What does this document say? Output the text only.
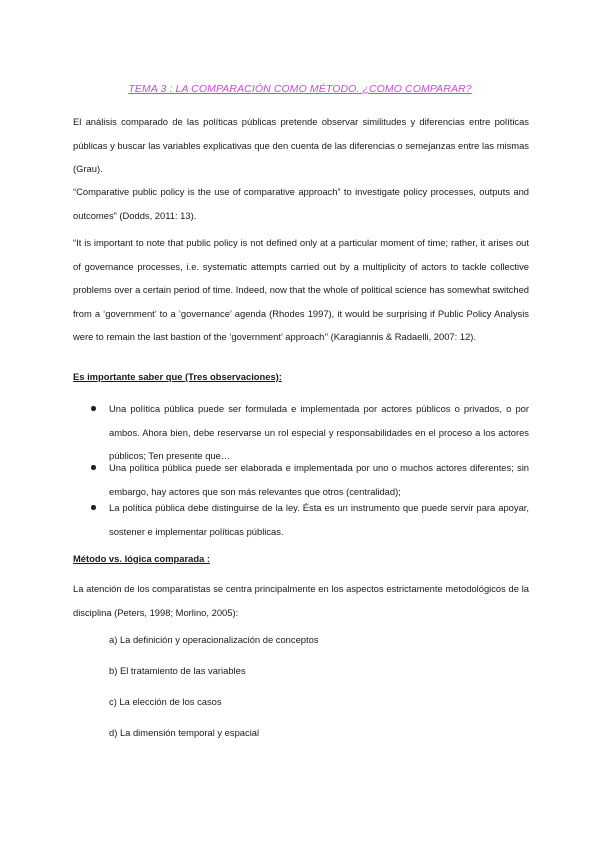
TEMA 3 : LA COMPARACIÓN COMO MÉTODO. ¿COMO COMPARAR?

El análisis comparado de las políticas públicas pretende observar similitudes y diferencias entre políticas públicas y buscar las variables explicativas que den cuenta de las diferencias o semejanzas entre las mismas (Grau).

“Comparative public policy is the use of comparative approach” to investigate policy processes, outputs and outcomes” (Dodds, 2011: 13).

“It is important to note that public policy is not defined only at a particular moment of time; rather, it arises out of governance processes, i.e. systematic attempts carried out by a multiplicity of actors to tackle collective problems over a certain period of time. Indeed, now that the whole of political science has somewhat switched from a ‘government’ to a ‘governance’ agenda (Rhodes 1997), it would be surprising if Public Policy Analysis were to remain the last bastion of the ‘government’ approach’’ (Karagiannis & Radaelli, 2007: 12).

Es importante saber que (Tres observaciones):

Una política pública puede ser formulada e implementada por actores públicos o privados, o por ambos. Ahora bien, debe reservarse un rol especial y responsabilidades en el proceso a los actores públicos; Ten presente que…

Una política pública puede ser elaborada e implementada por uno o muchos actores diferentes; sin embargo, hay actores que son más relevantes que otros (centralidad);

La política pública debe distinguirse de la ley. Ésta es un instrumento que puede servir para apoyar, sostener e implementar políticas públicas.

Método vs. lógica comparada :

La atención de los comparatistas se centra principalmente en los aspectos estrictamente metodológicos de la disciplina (Peters, 1998; Morlino, 2005):

a) La definición y operacionalización de conceptos
b) El tratamiento de las variables
c) La elección de los casos
d) La dimensión temporal y espacial
